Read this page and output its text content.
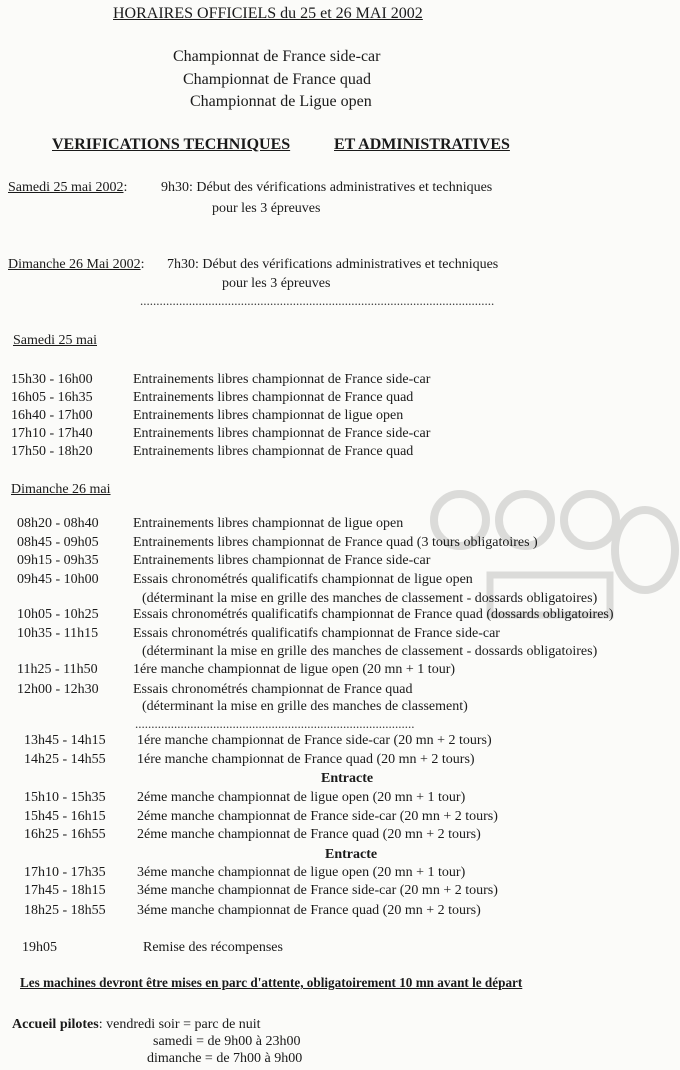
HORAIRES OFFICIELS du 25 et 26 MAI 2002
Championnat de France side-car
Championnat de France quad
Championnat de Ligue open
VERIFICATIONS TECHNIQUES	ET ADMINISTRATIVES
Samedi 25 mai 2002: 9h30: Début des vérifications administratives et techniques
pour les 3 épreuves
Dimanche 26 Mai 2002: 7h30: Début des vérifications administratives et techniques
pour les 3 épreuves
.............................................................................................................
Samedi 25 mai
Dimanche 26 mai
......................................................................................
Entracte
Entracte
19h05	Remise des récompenses
Les machines devront être mises en parc d'attente, obligatoirement 10 mn avant le départ
Accueil pilotes: vendredi soir = parc de nuit
samedi = de 9h00 à 23h00
dimanche = de 7h00 à 9h00
15h30 - 16h00	Entrainements libres championnat de France side-car
16h05 - 16h35	Entrainements libres championnat de France quad
16h40 - 17h00	Entrainements libres championnat de ligue open
17h10 - 17h40	Entrainements libres championnat de France side-car
17h50 - 18h20	Entrainements libres championnat de France quad
08h20 - 08h40 Entrainements libres championnat de ligue open
08h45 - 09h05 Entrainements libres championnat de France quad (3 tours obligatoires )
09h15 - 09h35 Entrainements libres championnat de France side-car
09h45 - 10h00 Essais chronométrés qualificatifs championnat de ligue open
(déterminant la mise en grille des manches de classement - dossards obligatoires)
10h05 - 10h25 Essais chronométrés qualificatifs championnat de France quad (dossards obligatoires)
10h35 - 11h15 Essais chronométrés qualificatifs championnat de France side-car
(déterminant la mise en grille des manches de classement - dossards obligatoires)
11h25 - 11h50	1ére manche championnat de ligue open (20 mn + 1 tour)
12h00 - 12h30 Essais chronométrés championnat de France quad
(déterminant la mise en grille des manches de classement)
13h45 - 14h15 1ére manche championnat de France side-car (20 mn + 2 tours)
14h25 - 14h55 1ére manche championnat de France quad (20 mn + 2 tours)
15h10 - 15h35 2éme manche championnat de ligue open (20 mn + 1 tour)
15h45 - 16h15 2éme manche championnat de France side-car (20 mn + 2 tours)
16h25 - 16h55 2éme manche championnat de France quad (20 mn + 2 tours)
17h10 - 17h35 3éme manche championnat de ligue open (20 mn + 1 tour)
17h45 - 18h15 3éme manche championnat de France side-car (20 mn + 2 tours)
18h25 - 18h55 3éme manche championnat de France quad (20 mn + 2 tours)
